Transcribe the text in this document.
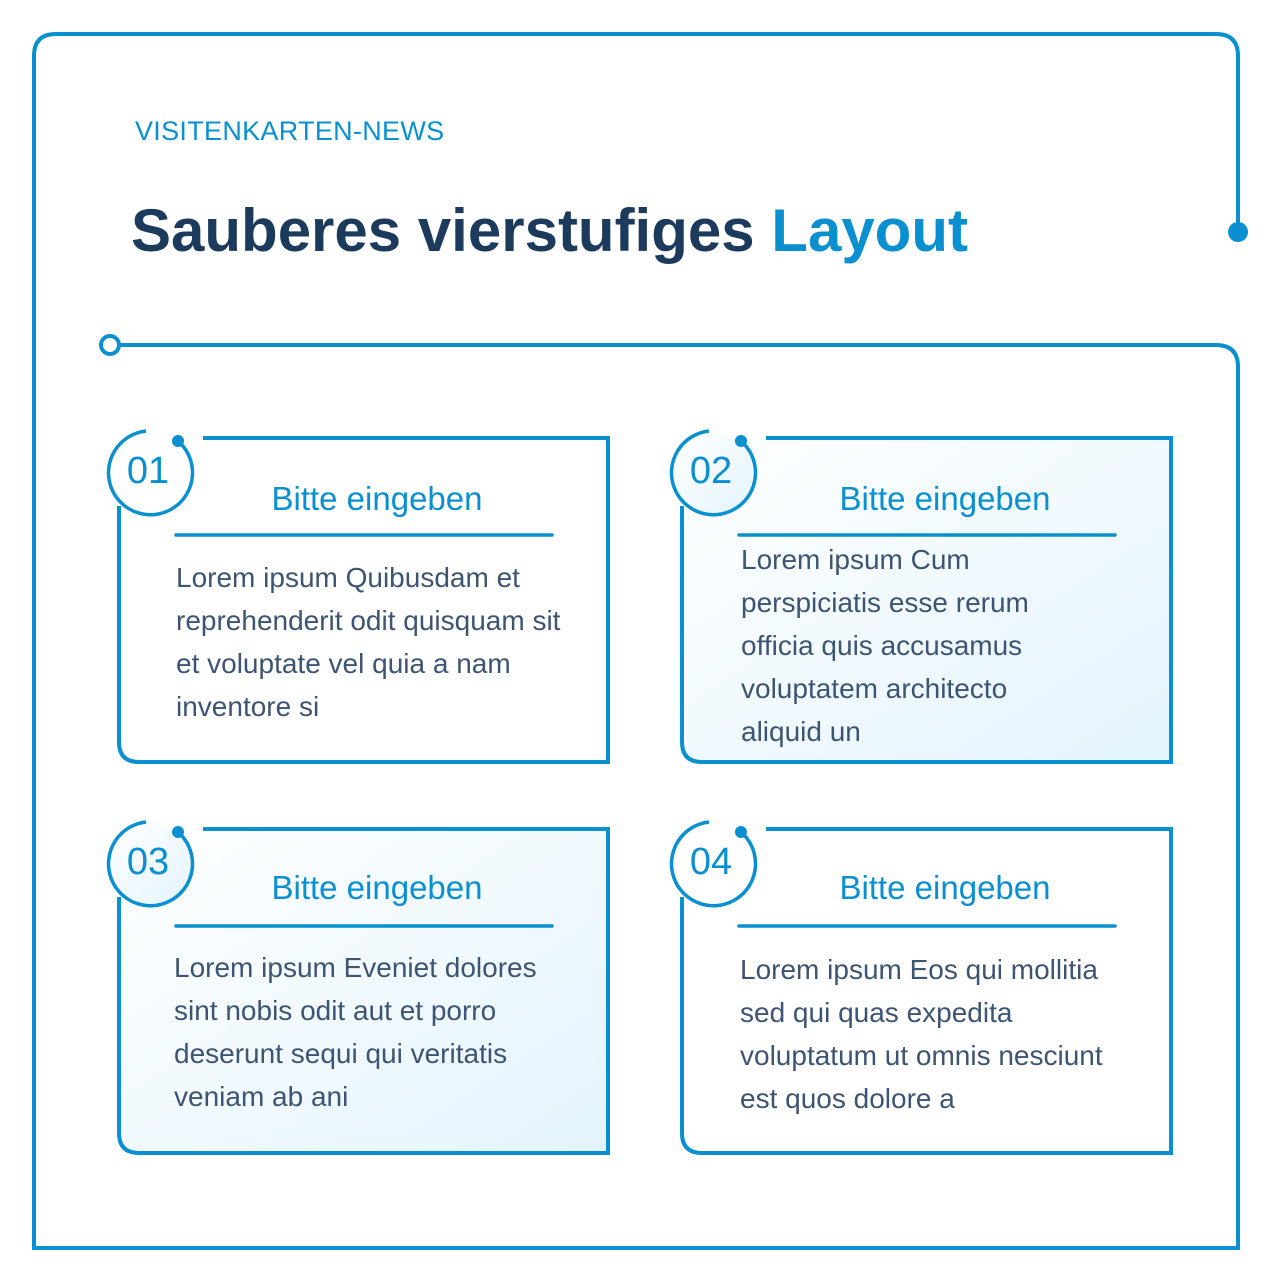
VISITENKARTEN-NEWS
Sauberes vierstufiges Layout
01
Bitte eingeben
Lorem ipsum Quibusdam et reprehenderit odit quisquam sit et voluptate vel quia a nam inventore si
02
Bitte eingeben
Lorem ipsum Cum perspiciatis esse rerum officia quis accusamus voluptatem architecto aliquid un
03
Bitte eingeben
Lorem ipsum Eveniet dolores sint nobis odit aut et porro deserunt sequi qui veritatis veniam ab ani
04
Bitte eingeben
Lorem ipsum Eos qui mollitia sed qui quas expedita voluptatum ut omnis nesciunt est quos dolore a
